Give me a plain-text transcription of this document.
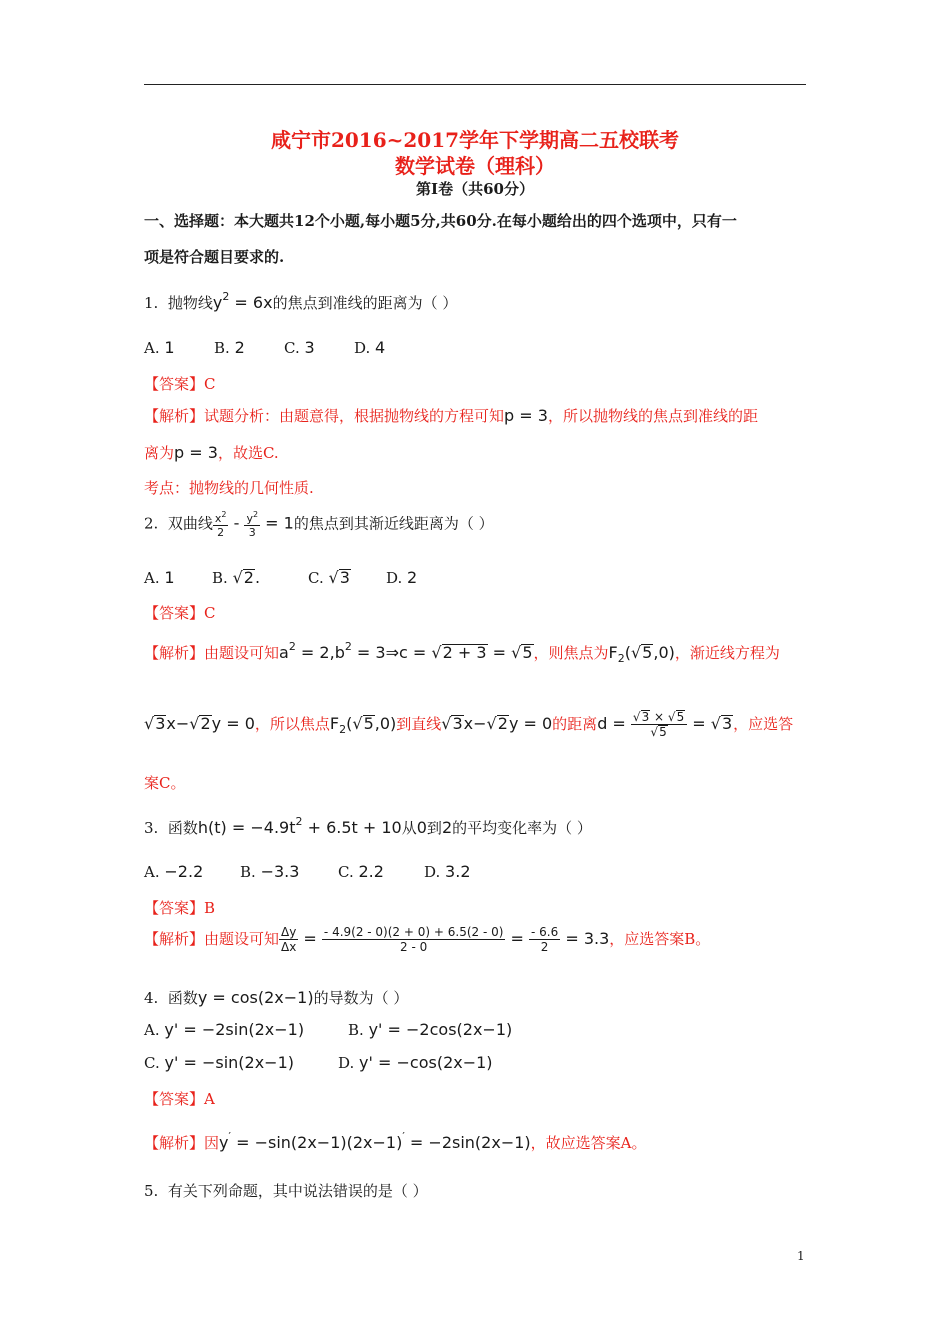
咸宁市2016~2017学年下学期高二五校联考
数学试卷（理科）
第Ⅰ卷（共60分）
一、选择题：本大题共12个小题,每小题5分,共60分.在每小题给出的四个选项中，只有一
项是符合题目要求的.
1. 抛物线$y^2 = 6x$的焦点到准线的距离为（ ）
A. 1	B. 2	C. 3	D. 4
【答案】C
【解析】试题分析：由题意得，根据抛物线的方程可知p = 3，所以抛物线的焦点到准线的距
离为p = 3，故选C.
考点：抛物线的几何性质.
2. 双曲线 $\frac{x^2}{2} - \frac{y^2}{3} = 1$的焦点到其渐近线距离为（ ）
A. 1 B. √2.	C. √3 D. 2
【答案】C
【解析】由题设可知$a^2 = 2,b^2$ = 3⇒c = √2 + 3 = √5，则焦点为$F_2(√5,0)$，渐近线方程为
√3x−√2y = 0，所以焦点$F_2(√5,0)$到直线√3x−√2y = 0的距离$d = \frac{√3 \times √5}{√5} = √3$，应选答
案C。
3. 函数$h(t) = -4.9t^2 + 6.5t + 10$从0到2的平均变化率为（ ）
A. −2.2 B. −3.3	C. 2.2	D. 3.2
【答案】B
【解析】由题设可知 $\frac{\Delta y}{\Delta x} = \frac{- 4.9(2 - 0)(2 + 0) + 6.5(2 - 0)}{2 - 0} = \frac{- 6.6}{2} = 3.3$，应选答案B。
4. 函数y = cos(2x−1)的导数为（ ）
A. y' = −2sin(2x−1)	B. y' = −2cos(2x−1)
C. y' = −sin(2x−1)	D. y' = −cos(2x−1)
【答案】A
【解析】因y′ = −sin(2x−1)(2x−1)′ = −2sin(2x−1)，故应选答案A。
5. 有关下列命题，其中说法错误的是（ ）
1
